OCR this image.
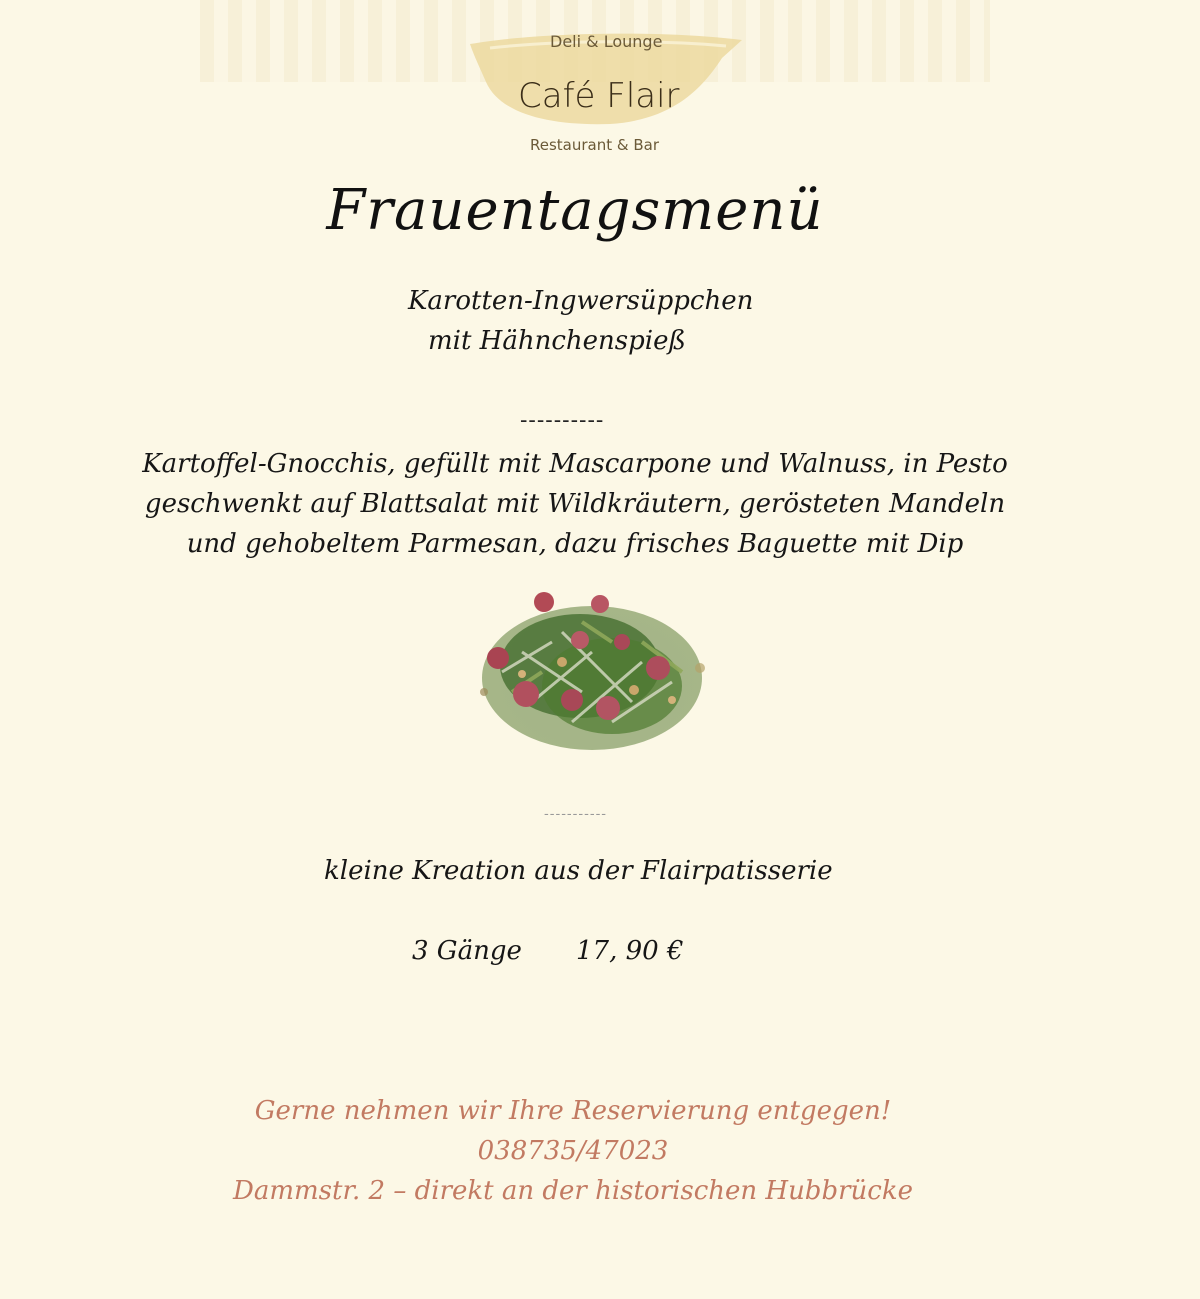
Deli & Lounge
Café Flair
Restaurant & Bar
Frauentagsmenü
Karotten-Ingwersüppchen
mit Hähnchenspieß
----------
Kartoffel-Gnocchis, gefüllt mit Mascarpone und Walnuss, in Pesto
geschwenkt auf Blattsalat mit Wildkräutern, gerösteten Mandeln
und gehobeltem Parmesan, dazu frisches Baguette mit Dip
-----------
kleine Kreation aus der Flairpatisserie
3 Gänge 17, 90 €
Gerne nehmen wir Ihre Reservierung entgegen!
038735/47023
Dammstr. 2 – direkt an der historischen Hubbrücke
